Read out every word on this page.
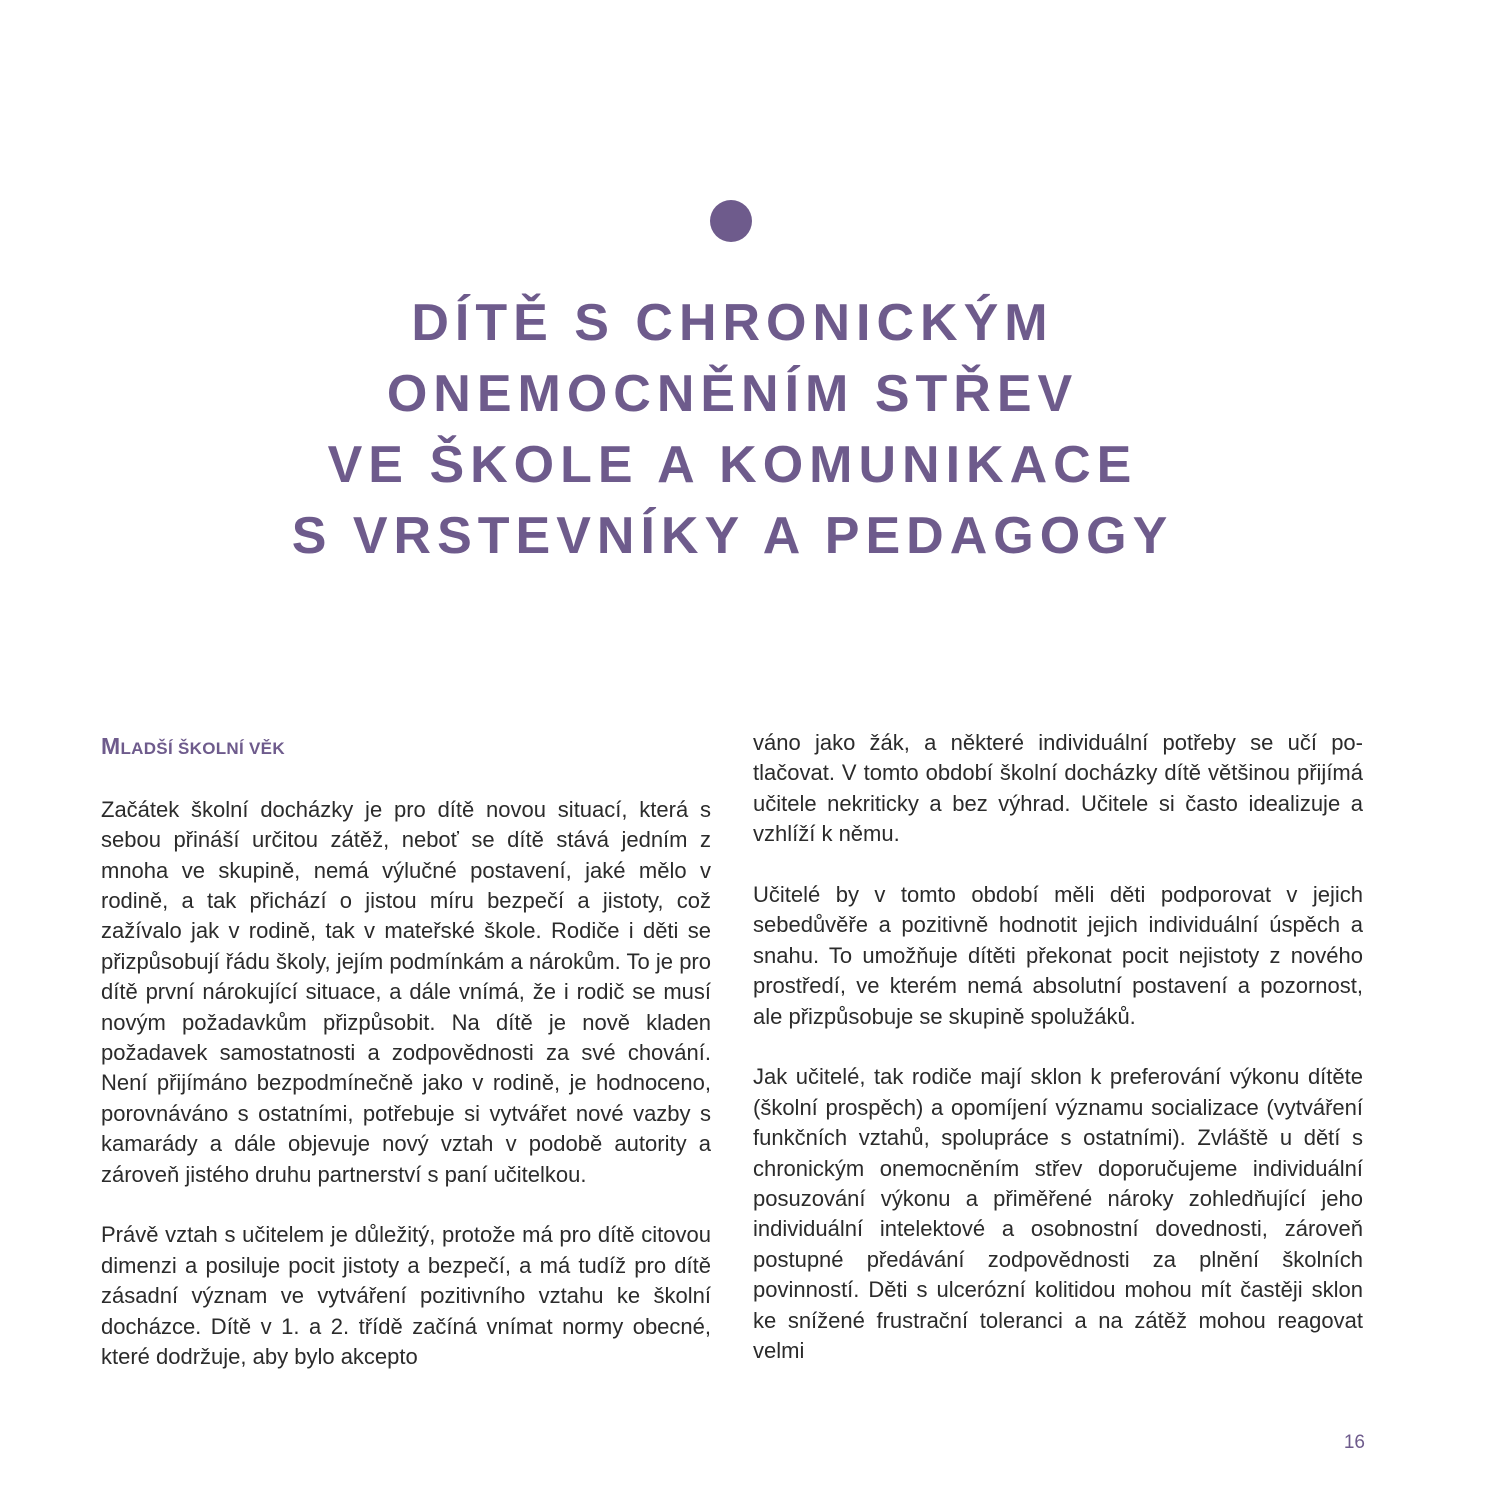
DÍTĚ S CHRONICKÝM
ONEMOCNĚNÍM STŘEV
VE ŠKOLE A KOMUNIKACE
S VRSTEVNÍKY A PEDAGOGY
MLADŠÍ ŠKOLNÍ VĚK

Začátek školní docházky je pro dítě novou situací, která s sebou přináší určitou zátěž, neboť se dítě stává jedním z mnoha ve skupině, nemá výlučné postavení, jaké mělo v rodině, a tak přichází o jistou míru bezpečí a jistoty, což zažívalo jak v rodině, tak v mateřské škole. Rodiče i děti se přizpůsobují řádu školy, jejím podmínkám a nárokům. To je pro dítě první nárokující situace, a dále vnímá, že i rodič se musí novým požadavkům přizpůsobit. Na dítě je nově kladen požadavek samostatnosti a zodpovědnosti za své chování. Není přijímáno bezpodmínečně jako v rodině, je hodnoceno, porovnáváno s ostatními, potřebuje si vytvářet nové vazby s kamarády a dále objevuje nový vztah v podobě autority a zároveň jistého druhu partnerství s paní učitelkou.

Právě vztah s učitelem je důležitý, protože má pro dítě citovou dimenzi a posiluje pocit jistoty a bezpečí, a má tudíž pro dítě zásadní význam ve vytváření pozitivního vztahu ke školní docházce. Dítě v 1. a 2. třídě začíná vnímat normy obecné, které dodržuje, aby bylo akcepto

váno jako žák, a některé individuální potřeby se učí potlačovat. V tomto období školní docházky dítě většinou přijímá učitele nekriticky a bez výhrad. Učitele si často idealizuje a vzhlíží k němu.

Učitelé by v tomto období měli děti podporovat v jejich sebedůvěře a pozitivně hodnotit jejich individuální úspěch a snahu. To umožňuje dítěti překonat pocit nejistoty z nového prostředí, ve kterém nemá absolutní postavení a pozornost, ale přizpůsobuje se skupině spolužáků.

Jak učitelé, tak rodiče mají sklon k preferování výkonu dítěte (školní prospěch) a opomíjení významu socializace (vytváření funkčních vztahů, spolupráce s ostatními). Zvláště u dětí s chronickým onemocněním střev doporučujeme individuální posuzování výkonu a přiměřené nároky zohledňující jeho individuální intelektové a osobnostní dovednosti, zároveň postupné předávání zodpovědnosti za plnění školních povinností. Děti s ulcerózní kolitidou mohou mít častěji sklon ke snížené frustrační toleranci a na zátěž mohou reagovat velmi

16
